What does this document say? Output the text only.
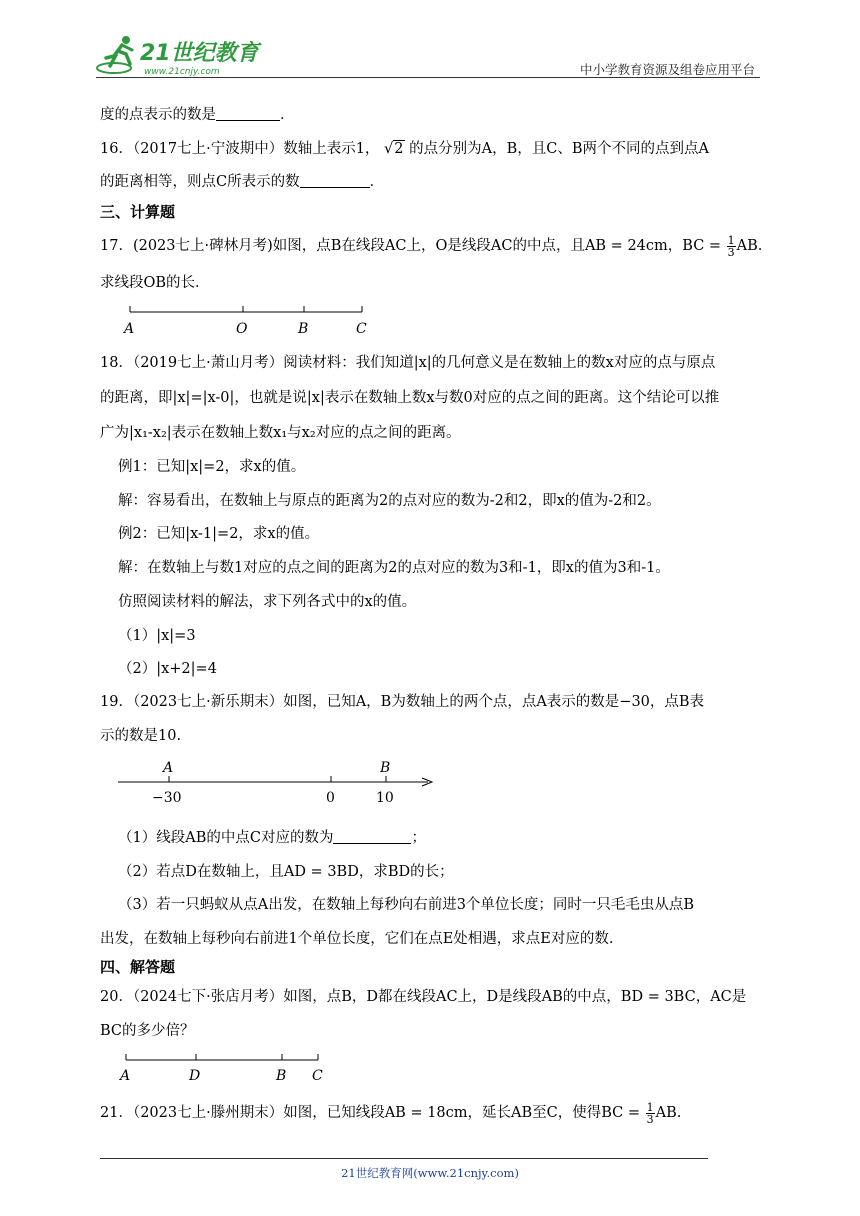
21世纪教育
www.21cnjy.com	中小学教育资源及组卷应用平台
度的点表示的数是	．
16．（2017七上·宁波期中）数轴上表示1， √2 的点分别为A，B，且C、B两个不同的点到点A
的距离相等，则点C所表示的数	．
三、计算题
17．(2023七上·碑林月考)如图，点B在线段AC上，O是线段AC的中点，且AB = 24cm，BC = $\frac{1}{3}$ AB.
求线段OB的长．
18．（2019七上·萧山月考）阅读材料：我们知道|x|的几何意义是在数轴上的数x对应的点与原点
的距离，即|x|=|x-0|，也就是说|x|表示在数轴上数x与数0对应的点之间的距离。这个结论可以推
广为|x₁-x₂|表示在数轴上数x₁与x₂对应的点之间的距离。
例1：已知|x|=2，求x的值。
解：容易看出，在数轴上与原点的距离为2的点对应的数为-2和2，即x的值为-2和2。
例2：已知|x-1|=2，求x的值。
解：在数轴上与数1对应的点之间的距离为2的点对应的数为3和-1，即x的值为3和-1。
仿照阅读材料的解法，求下列各式中的x的值。
（1）|x|=3
（2）|x+2|=4
19．（2023七上·新乐期末）如图，已知A，B为数轴上的两个点，点A表示的数是−30，点B表
示的数是10.
（1）线段AB的中点C对应的数为	；
（2）若点D在数轴上，且AD = 3BD，求BD的长；
（3）若一只蚂蚁从点A出发，在数轴上每秒向右前进3个单位长度；同时一只毛毛虫从点B
出发，在数轴上每秒向右前进1个单位长度，它们在点E处相遇，求点E对应的数.
四、解答题
20．（2024七下·张店月考）如图，点B，D都在线段AC上，D是线段AB的中点，BD = 3BC，AC是
BC的多少倍？
21．（2023七上·滕州期末）如图，已知线段AB = 18cm，延长AB至C，使得BC = $\frac{1}{3}$ AB.
A	O	B	C
A	B
−30	0	10
A	D	B C
21世纪教育网(www.21cnjy.com)
